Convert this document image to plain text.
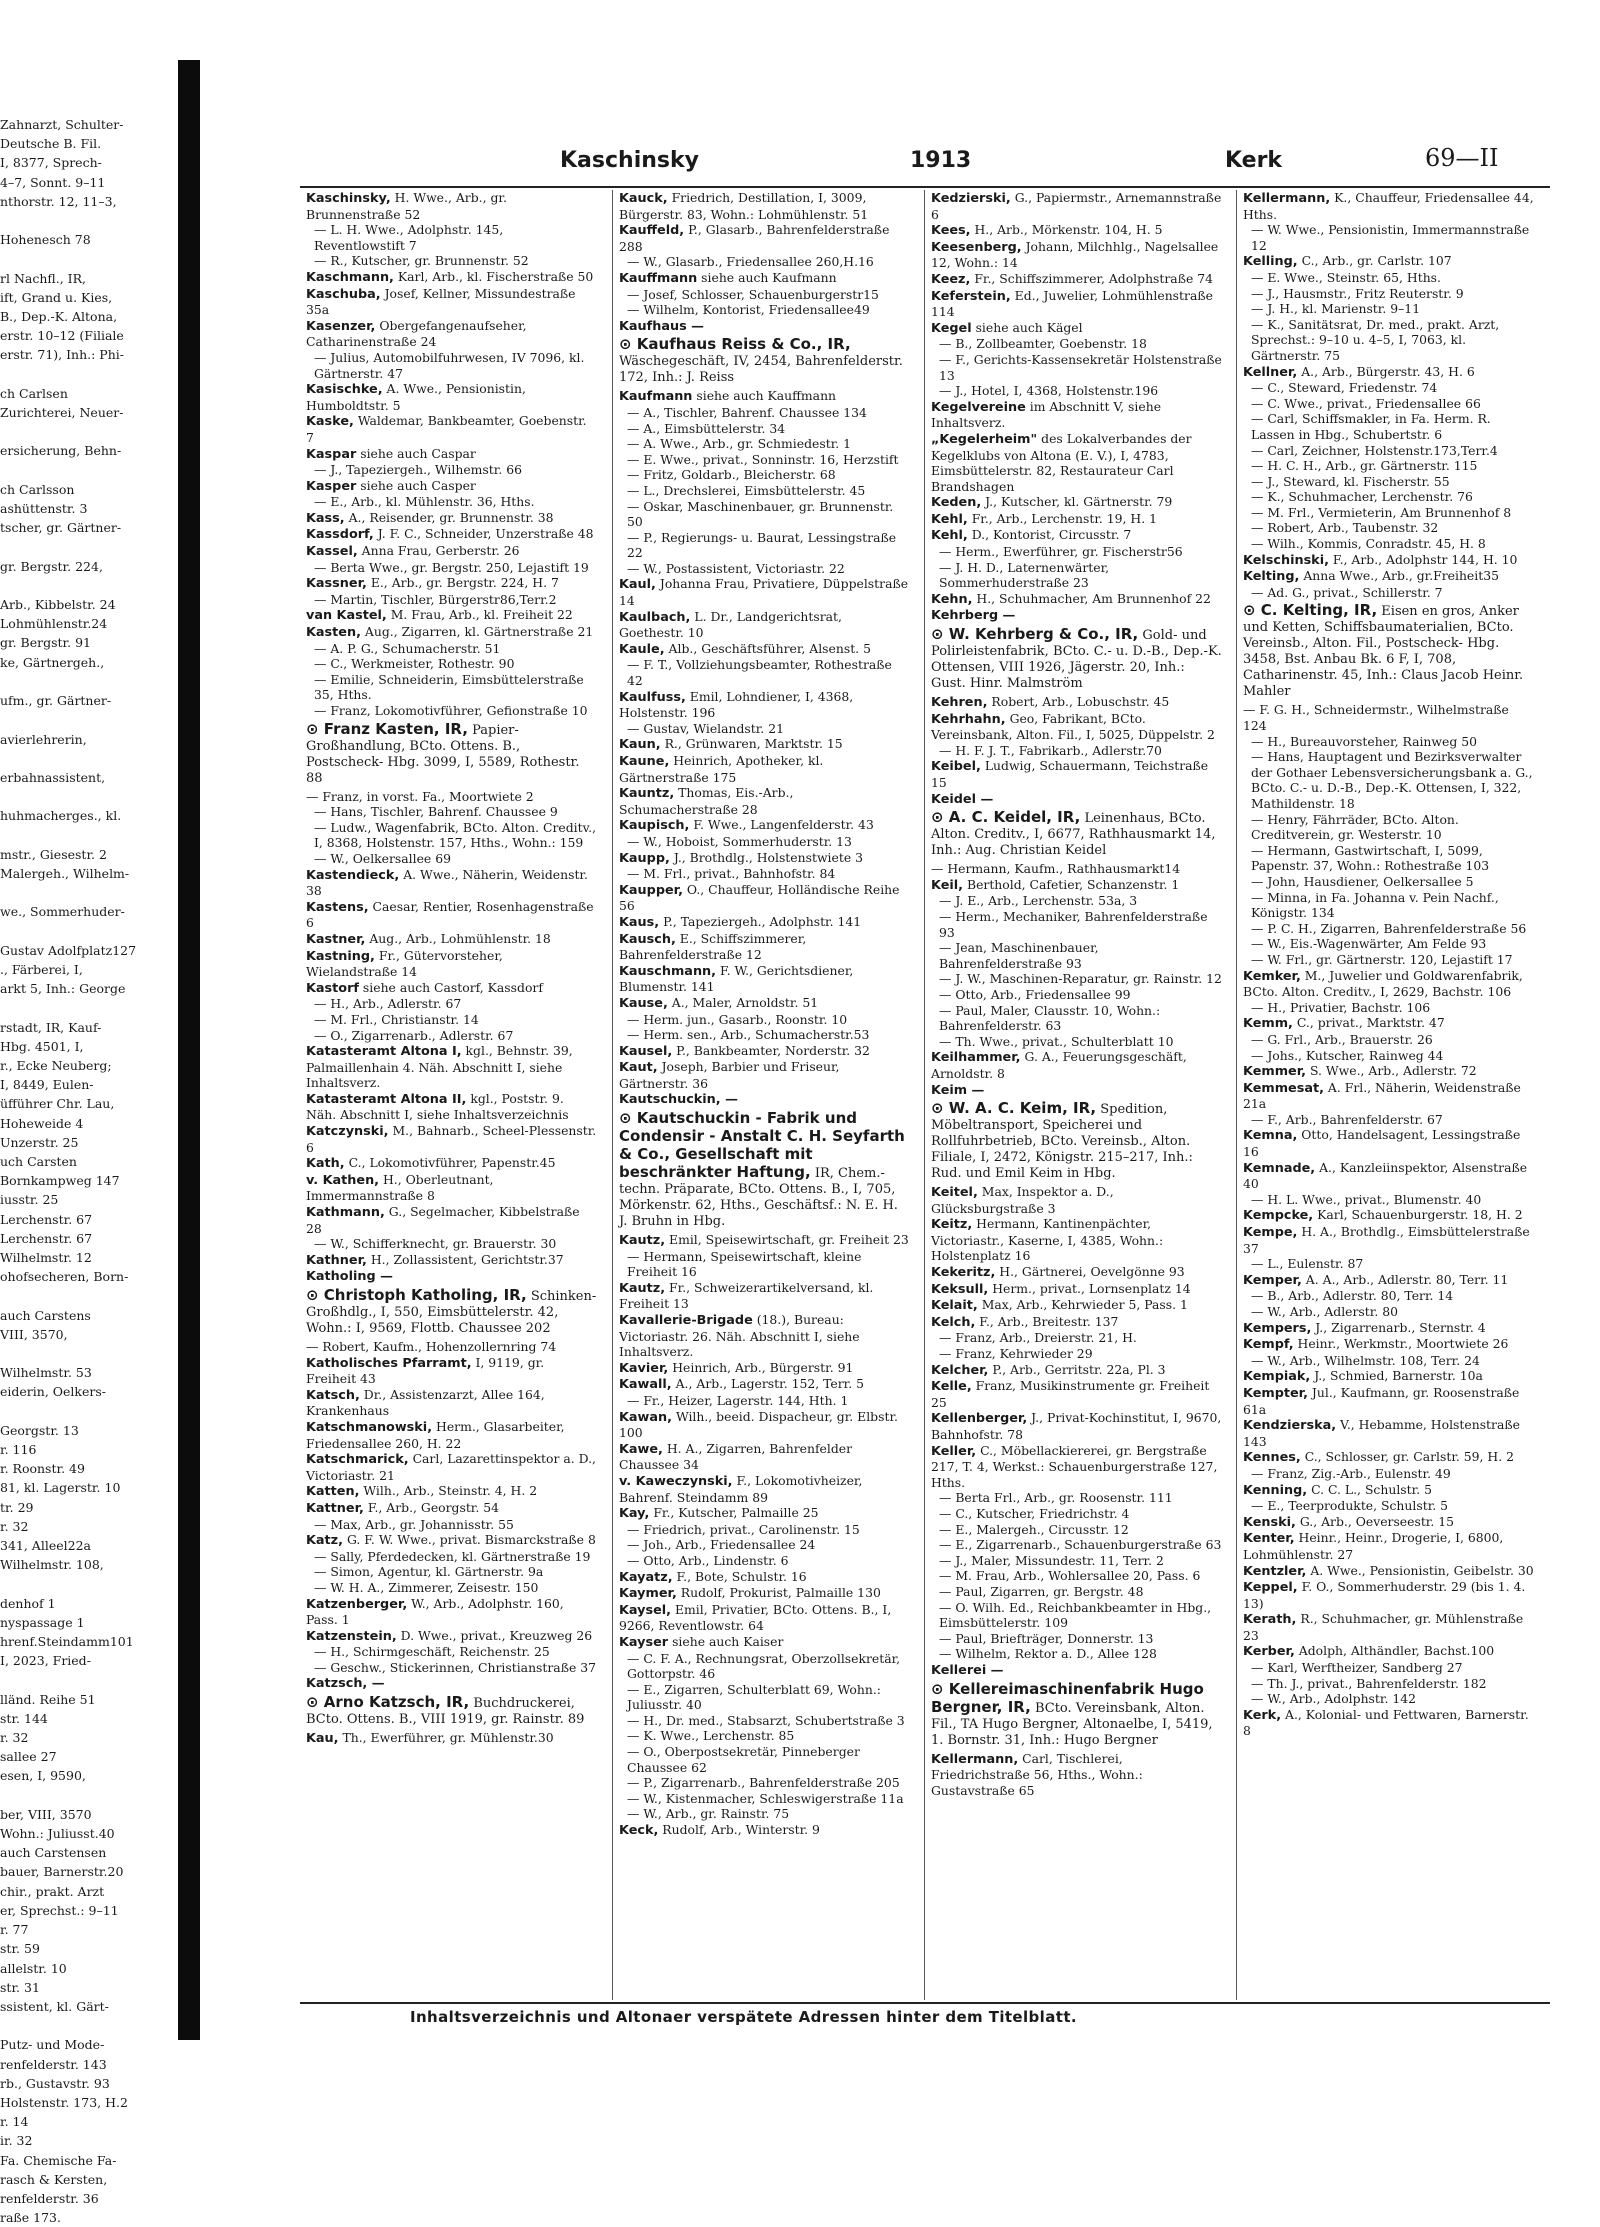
Zahnarzt, Schulter-
Deutsche B. Fil.
I, 8377, Sprech-
4–7, Sonnt. 9–11
nthorstr. 12, 11–3,

Hohenesch 78

rl Nachfl., IR,
ift, Grand u. Kies,
B., Dep.-K. Altona,
erstr. 10–12 (Filiale
erstr. 71), Inh.: Phi-

ch Carlsen
Zurichterei, Neuer-

ersicherung, Behn-

ch Carlsson
ashüttenstr. 3
tscher, gr. Gärtner-

gr. Bergstr. 224,

Arb., Kibbelstr. 24
Lohmühlenstr.24
gr. Bergstr. 91
ke, Gärtnergeh.,

ufm., gr. Gärtner-

avierlehrerin,

erbahnassistent,

huhmacherges., kl.

mstr., Giesestr. 2
Malergeh., Wilhelm-

we., Sommerhuder-

Gustav Adolfplatz127
., Färberei, I,
arkt 5, Inh.: George

rstadt, IR, Kauf-
Hbg. 4501, I,
r., Ecke Neuberg;
I, 8449, Eulen-
üfführer Chr. Lau,
Hoheweide 4
Unzerstr. 25
uch Carsten
Bornkampweg 147
iusstr. 25
Lerchenstr. 67
Lerchenstr. 67
Wilhelmstr. 12
ohofsecheren, Born-

auch Carstens
VIII, 3570,

Wilhelmstr. 53
eiderin, Oelkers-

Georgstr. 13
r. 116
r. Roonstr. 49
81, kl. Lagerstr. 10
tr. 29
r. 32
341, Alleel22a
Wilhelmstr. 108,

denhof 1
nyspassage 1
hrenf.Steindamm101
I, 2023, Fried-

lländ. Reihe 51
str. 144
r. 32
sallee 27
esen, I, 9590,

ber, VIII, 3570
Wohn.: Juliusst.40
auch Carstensen
bauer, Barnerstr.20
chir., prakt. Arzt
er, Sprechst.: 9–11
r. 77
str. 59
allelstr. 10
str. 31
ssistent, kl. Gärt-

Putz- und Mode-
renfelderstr. 143
rb., Gustavstr. 93
Holstenstr. 173, H.2
r. 14
ir. 32
Fa. Chemische Fa-
rasch & Kersten,
renfelderstr. 36
raße 173.
Kaschinsky	1913	Kerk	69—II
Kaschinsky, H. Wwe., Arb., gr. Brunnenstraße 52
— L. H. Wwe., Adolphstr. 145, Reventlowstift 7
— R., Kutscher, gr. Brunnenstr. 52
Kaschmann, Karl, Arb., kl. Fischerstraße 50
Kaschuba, Josef, Kellner, Missundestraße 35a
Kasenzer, Obergefangenaufseher, Catharinenstraße 24
— Julius, Automobilfuhrwesen, IV 7096, kl. Gärtnerstr. 47
Kasischke, A. Wwe., Pensionistin, Humboldtstr. 5
Kaske, Waldemar, Bankbeamter, Goebenstr. 7
Kaspar siehe auch Caspar
— J., Tapeziergeh., Wilhemstr. 66
Kasper siehe auch Casper
— E., Arb., kl. Mühlenstr. 36, Hths.
Kass, A., Reisender, gr. Brunnenstr. 38
Kassdorf, J. F. C., Schneider, Unzerstraße 48
Kassel, Anna Frau, Gerberstr. 26
— Berta Wwe., gr. Bergstr. 250, Lejastift 19
Kassner, E., Arb., gr. Bergstr. 224, H. 7
— Martin, Tischler, Bürgerstr86,Terr.2
van Kastel, M. Frau, Arb., kl. Freiheit 22
Kasten, Aug., Zigarren, kl. Gärtnerstraße 21
— A. P. G., Schumacherstr. 51
— C., Werkmeister, Rothestr. 90
— Emilie, Schneiderin, Eimsbüttelerstraße 35, Hths.
— Franz, Lokomotivführer, Gefionstraße 10
⊙ Franz Kasten, IR, Papier-Großhandlung, BCto. Ottens. B., Postscheck- Hbg. 3099, I, 5589, Rothestr. 88
— Franz, in vorst. Fa., Moortwiete 2
— Hans, Tischler, Bahrenf. Chaussee 9
— Ludw., Wagenfabrik, BCto. Alton. Creditv., I, 8368, Holstenstr. 157, Hths., Wohn.: 159
— W., Oelkersallee 69
Kastendieck, A. Wwe., Näherin, Weidenstr. 38
Kastens, Caesar, Rentier, Rosenhagenstraße 6
Kastner, Aug., Arb., Lohmühlenstr. 18
Kastning, Fr., Gütervorsteher, Wielandstraße 14
Kastorf siehe auch Castorf, Kassdorf
— H., Arb., Adlerstr. 67
— M. Frl., Christianstr. 14
— O., Zigarrenarb., Adlerstr. 67
Katasteramt Altona I, kgl., Behnstr. 39, Palmaillenhain 4. Näh. Abschnitt I, siehe Inhaltsverz.
Katasteramt Altona II, kgl., Poststr. 9. Näh. Abschnitt I, siehe Inhaltsverzeichnis
Katczynski, M., Bahnarb., Scheel-Plessenstr. 6
Kath, C., Lokomotivführer, Papenstr.45
v. Kathen, H., Oberleutnant, Immermannstraße 8
Kathmann, G., Segelmacher, Kibbelstraße 28
— W., Schifferknecht, gr. Brauerstr. 30
Kathner, H., Zollassistent, Gerichtstr.37
Katholing —
⊙ Christoph Katholing, IR, Schinken-Großhdlg., I, 550, Eimsbüttelerstr. 42, Wohn.: I, 9569, Flottb. Chaussee 202
— Robert, Kaufm., Hohenzollernring 74
Katholisches Pfarramt, I, 9119, gr. Freiheit 43
Katsch, Dr., Assistenzarzt, Allee 164, Krankenhaus
Katschmanowski, Herm., Glasarbeiter, Friedensallee 260, H. 22
Katschmarick, Carl, Lazarettinspektor a. D., Victoriastr. 21
Katten, Wilh., Arb., Steinstr. 4, H. 2
Kattner, F., Arb., Georgstr. 54
— Max, Arb., gr. Johannisstr. 55
Katz, G. F. W. Wwe., privat. Bismarckstraße 8
— Sally, Pferdedecken, kl. Gärtnerstraße 19
— Simon, Agentur, kl. Gärtnerstr. 9a
— W. H. A., Zimmerer, Zeisestr. 150
Katzenberger, W., Arb., Adolphstr. 160, Pass. 1
Katzenstein, D. Wwe., privat., Kreuzweg 26
— H., Schirmgeschäft, Reichenstr. 25
— Geschw., Stickerinnen, Christianstraße 37
Katzsch, —
⊙ Arno Katzsch, IR, Buchdruckerei, BCto. Ottens. B., VIII 1919, gr. Rainstr. 89
Kau, Th., Ewerführer, gr. Mühlenstr.30
Kauck, Friedrich, Destillation, I, 3009, Bürgerstr. 83, Wohn.: Lohmühlenstr. 51
Kauffeld, P., Glasarb., Bahrenfelderstraße 288
— W., Glasarb., Friedensallee 260,H.16
Kauffmann siehe auch Kaufmann
— Josef, Schlosser, Schauenburgerstr15
— Wilhelm, Kontorist, Friedensallee49
Kaufhaus —
⊙ Kaufhaus Reiss & Co., IR, Wäschegeschäft, IV, 2454, Bahrenfelderstr. 172, Inh.: J. Reiss
Kaufmann siehe auch Kauffmann
— A., Tischler, Bahrenf. Chaussee 134
— A., Eimsbüttelerstr. 34
— A. Wwe., Arb., gr. Schmiedestr. 1
— E. Wwe., privat., Sonninstr. 16, Herzstift
— Fritz, Goldarb., Bleicherstr. 68
— L., Drechslerei, Eimsbüttelerstr. 45
— Oskar, Maschinenbauer, gr. Brunnenstr. 50
— P., Regierungs- u. Baurat, Lessingstraße 22
— W., Postassistent, Victoriastr. 22
Kaul, Johanna Frau, Privatiere, Düppelstraße 14
Kaulbach, L. Dr., Landgerichtsrat, Goethestr. 10
Kaule, Alb., Geschäftsführer, Alsenst. 5
— F. T., Vollziehungsbeamter, Rothestraße 42
Kaulfuss, Emil, Lohndiener, I, 4368, Holstenstr. 196
— Gustav, Wielandstr. 21
Kaun, R., Grünwaren, Marktstr. 15
Kaune, Heinrich, Apotheker, kl. Gärtnerstraße 175
Kauntz, Thomas, Eis.-Arb., Schumacherstraße 28
Kaupisch, F. Wwe., Langenfelderstr. 43
— W., Hoboist, Sommerhuderstr. 13
Kaupp, J., Brothdlg., Holstenstwiete 3
— M. Frl., privat., Bahnhofstr. 84
Kaupper, O., Chauffeur, Holländische Reihe 56
Kaus, P., Tapeziergeh., Adolphstr. 141
Kausch, E., Schiffszimmerer, Bahrenfelderstraße 12
Kauschmann, F. W., Gerichtsdiener, Blumenstr. 141
Kause, A., Maler, Arnoldstr. 51
— Herm. jun., Gasarb., Roonstr. 10
— Herm. sen., Arb., Schumacherstr.53
Kausel, P., Bankbeamter, Norderstr. 32
Kaut, Joseph, Barbier und Friseur, Gärtnerstr. 36
Kautschuckin, —
⊙ Kautschuckin - Fabrik und Condensir - Anstalt C. H. Seyfarth & Co., Gesellschaft mit beschränkter Haftung, IR, Chem.-techn. Präparate, BCto. Ottens. B., I, 705, Mörkenstr. 62, Hths., Geschäftsf.: N. E. H. J. Bruhn in Hbg.
Kautz, Emil, Speisewirtschaft, gr. Freiheit 23
— Hermann, Speisewirtschaft, kleine Freiheit 16
Kautz, Fr., Schweizerartikelversand, kl. Freiheit 13
Kavallerie-Brigade (18.), Bureau: Victoriastr. 26. Näh. Abschnitt I, siehe Inhaltsverz.
Kavier, Heinrich, Arb., Bürgerstr. 91
Kawall, A., Arb., Lagerstr. 152, Terr. 5
— Fr., Heizer, Lagerstr. 144, Hth. 1
Kawan, Wilh., beeid. Dispacheur, gr. Elbstr. 100
Kawe, H. A., Zigarren, Bahrenfelder Chaussee 34
v. Kaweczynski, F., Lokomotivheizer, Bahrenf. Steindamm 89
Kay, Fr., Kutscher, Palmaille 25
— Friedrich, privat., Carolinenstr. 15
— Joh., Arb., Friedensallee 24
— Otto, Arb., Lindenstr. 6
Kayatz, F., Bote, Schulstr. 16
Kaymer, Rudolf, Prokurist, Palmaille 130
Kaysel, Emil, Privatier, BCto. Ottens. B., I, 9266, Reventlowstr. 64
Kayser siehe auch Kaiser
— C. F. A., Rechnungsrat, Oberzollsekretär, Gottorpstr. 46
— E., Zigarren, Schulterblatt 69, Wohn.: Juliusstr. 40
— H., Dr. med., Stabsarzt, Schubertstraße 3
— K. Wwe., Lerchenstr. 85
— O., Oberpostsekretär, Pinneberger Chaussee 62
— P., Zigarrenarb., Bahrenfelderstraße 205
— W., Kistenmacher, Schleswigerstraße 11a
— W., Arb., gr. Rainstr. 75
Keck, Rudolf, Arb., Winterstr. 9
Kedzierski, G., Papiermstr., Arnemannstraße 6
Kees, H., Arb., Mörkenstr. 104, H. 5
Keesenberg, Johann, Milchhlg., Nagelsallee 12, Wohn.: 14
Keez, Fr., Schiffszimmerer, Adolphstraße 74
Keferstein, Ed., Juwelier, Lohmühlenstraße 114
Kegel siehe auch Kägel
— B., Zollbeamter, Goebenstr. 18
— F., Gerichts-Kassensekretär Holstenstraße 13
— J., Hotel, I, 4368, Holstenstr.196
Kegelvereine im Abschnitt V, siehe Inhaltsverz.
„Kegelerheim" des Lokalverbandes der Kegelklubs von Altona (E. V.), I, 4783, Eimsbüttelerstr. 82, Restaurateur Carl Brandshagen
Keden, J., Kutscher, kl. Gärtnerstr. 79
Kehl, Fr., Arb., Lerchenstr. 19, H. 1
Kehl, D., Kontorist, Circusstr. 7
— Herm., Ewerführer, gr. Fischerstr56
— J. H. D., Laternenwärter, Sommerhuderstraße 23
Kehn, H., Schuhmacher, Am Brunnenhof 22
Kehrberg —
⊙ W. Kehrberg & Co., IR, Gold- und Polirleistenfabrik, BCto. C.- u. D.-B., Dep.-K. Ottensen, VIII 1926, Jägerstr. 20, Inh.: Gust. Hinr. Malmström
Kehren, Robert, Arb., Lobuschstr. 45
Kehrhahn, Geo, Fabrikant, BCto. Vereinsbank, Alton. Fil., I, 5025, Düppelstr. 2
— H. F. J. T., Fabrikarb., Adlerstr.70
Keibel, Ludwig, Schauermann, Teichstraße 15
Keidel —
⊙ A. C. Keidel, IR, Leinenhaus, BCto. Alton. Creditv., I, 6677, Rathhausmarkt 14, Inh.: Aug. Christian Keidel
— Hermann, Kaufm., Rathhausmarkt14
Keil, Berthold, Cafetier, Schanzenstr. 1
— J. E., Arb., Lerchenstr. 53a, 3
— Herm., Mechaniker, Bahrenfelderstraße 93
— Jean, Maschinenbauer, Bahrenfelderstraße 93
— J. W., Maschinen-Reparatur, gr. Rainstr. 12
— Otto, Arb., Friedensallee 99
— Paul, Maler, Clausstr. 10, Wohn.: Bahrenfelderstr. 63
— Th. Wwe., privat., Schulterblatt 10
Keilhammer, G. A., Feuerungsgeschäft, Arnoldstr. 8
Keim —
⊙ W. A. C. Keim, IR, Spedition, Möbeltransport, Speicherei und Rollfuhrbetrieb, BCto. Vereinsb., Alton. Filiale, I, 2472, Königstr. 215–217, Inh.: Rud. und Emil Keim in Hbg.
Keitel, Max, Inspektor a. D., Glücksburgstraße 3
Keitz, Hermann, Kantinenpächter, Victoriastr., Kaserne, I, 4385, Wohn.: Holstenplatz 16
Kekeritz, H., Gärtnerei, Oevelgönne 93
Keksull, Herm., privat., Lornsenplatz 14
Kelait, Max, Arb., Kehrwieder 5, Pass. 1
Kelch, F., Arb., Breitestr. 137
— Franz, Arb., Dreierstr. 21, H.
— Franz, Kehrwieder 29
Kelcher, P., Arb., Gerritstr. 22a, Pl. 3
Kelle, Franz, Musikinstrumente gr. Freiheit 25
Kellenberger, J., Privat-Kochinstitut, I, 9670, Bahnhofstr. 78
Keller, C., Möbellackiererei, gr. Bergstraße 217, T. 4, Werkst.: Schauenburgerstraße 127, Hths.
— Berta Frl., Arb., gr. Roosenstr. 111
— C., Kutscher, Friedrichstr. 4
— E., Malergeh., Circusstr. 12
— E., Zigarrenarb., Schauenburgerstraße 63
— J., Maler, Missundestr. 11, Terr. 2
— M. Frau, Arb., Wohlersallee 20, Pass. 6
— Paul, Zigarren, gr. Bergstr. 48
— O. Wilh. Ed., Reichbankbeamter in Hbg., Eimsbüttelerstr. 109
— Paul, Briefträger, Donnerstr. 13
— Wilhelm, Rektor a. D., Allee 128
Kellerei —
⊙ Kellereimaschinenfabrik Hugo Bergner, IR, BCto. Vereinsbank, Alton. Fil., TA Hugo Bergner, Altonaelbe, I, 5419, 1. Bornstr. 31, Inh.: Hugo Bergner
Kellermann, Carl, Tischlerei, Friedrichstraße 56, Hths., Wohn.: Gustavstraße 65
Kellermann, K., Chauffeur, Friedensallee 44, Hths.
— W. Wwe., Pensionistin, Immermannstraße 12
Kelling, C., Arb., gr. Carlstr. 107
— E. Wwe., Steinstr. 65, Hths.
— J., Hausmstr., Fritz Reuterstr. 9
— J. H., kl. Marienstr. 9–11
— K., Sanitätsrat, Dr. med., prakt. Arzt, Sprechst.: 9–10 u. 4–5, I, 7063, kl. Gärtnerstr. 75
Kellner, A., Arb., Bürgerstr. 43, H. 6
— C., Steward, Friedenstr. 74
— C. Wwe., privat., Friedensallee 66
— Carl, Schiffsmakler, in Fa. Herm. R. Lassen in Hbg., Schubertstr. 6
— Carl, Zeichner, Holstenstr.173,Terr.4
— H. C. H., Arb., gr. Gärtnerstr. 115
— J., Steward, kl. Fischerstr. 55
— K., Schuhmacher, Lerchenstr. 76
— M. Frl., Vermieterin, Am Brunnenhof 8
— Robert, Arb., Taubenstr. 32
— Wilh., Kommis, Conradstr. 45, H. 8
Kelschinski, F., Arb., Adolphstr 144, H. 10
Kelting, Anna Wwe., Arb., gr.Freiheit35
— Ad. G., privat., Schillerstr. 7
⊙ C. Kelting, IR, Eisen en gros, Anker und Ketten, Schiffsbaumaterialien, BCto. Vereinsb., Alton. Fil., Postscheck- Hbg. 3458, Bst. Anbau Bk. 6 F, I, 708, Catharinenstr. 45, Inh.: Claus Jacob Heinr. Mahler
— F. G. H., Schneidermstr., Wilhelmstraße 124
— H., Bureauvorsteher, Rainweg 50
— Hans, Hauptagent und Bezirksverwalter der Gothaer Lebensversicherungsbank a. G., BCto. C.- u. D.-B., Dep.-K. Ottensen, I, 322, Mathildenstr. 18
— Henry, Fährräder, BCto. Alton. Creditverein, gr. Westerstr. 10
— Hermann, Gastwirtschaft, I, 5099, Papenstr. 37, Wohn.: Rothestraße 103
— John, Hausdiener, Oelkersallee 5
— Minna, in Fa. Johanna v. Pein Nachf., Königstr. 134
— P. C. H., Zigarren, Bahrenfelderstraße 56
— W., Eis.-Wagenwärter, Am Felde 93
— W. Frl., gr. Gärtnerstr. 120, Lejastift 17
Kemker, M., Juwelier und Goldwarenfabrik, BCto. Alton. Creditv., I, 2629, Bachstr. 106
— H., Privatier, Bachstr. 106
Kemm, C., privat., Marktstr. 47
— G. Frl., Arb., Brauerstr. 26
— Johs., Kutscher, Rainweg 44
Kemmer, S. Wwe., Arb., Adlerstr. 72
Kemmesat, A. Frl., Näherin, Weidenstraße 21a
— F., Arb., Bahrenfelderstr. 67
Kemna, Otto, Handelsagent, Lessingstraße 16
Kemnade, A., Kanzleiinspektor, Alsenstraße 40
— H. L. Wwe., privat., Blumenstr. 40
Kempcke, Karl, Schauenburgerstr. 18, H. 2
Kempe, H. A., Brothdlg., Eimsbüttelerstraße 37
— L., Eulenstr. 87
Kemper, A. A., Arb., Adlerstr. 80, Terr. 11
— B., Arb., Adlerstr. 80, Terr. 14
— W., Arb., Adlerstr. 80
Kempers, J., Zigarrenarb., Sternstr. 4
Kempf, Heinr., Werkmstr., Moortwiete 26
— W., Arb., Wilhelmstr. 108, Terr. 24
Kempiak, J., Schmied, Barnerstr. 10a
Kempter, Jul., Kaufmann, gr. Roosenstraße 61a
Kendzierska, V., Hebamme, Holstenstraße 143
Kennes, C., Schlosser, gr. Carlstr. 59, H. 2
— Franz, Zig.-Arb., Eulenstr. 49
Kenning, C. C. L., Schulstr. 5
— E., Teerprodukte, Schulstr. 5
Kenski, G., Arb., Oeverseestr. 15
Kenter, Heinr., Heinr., Drogerie, I, 6800, Lohmühlenstr. 27
Kentzler, A. Wwe., Pensionistin, Geibelstr. 30
Keppel, F. O., Sommerhuderstr. 29 (bis 1. 4. 13)
Kerath, R., Schuhmacher, gr. Mühlenstraße 23
Kerber, Adolph, Althändler, Bachst.100
— Karl, Werftheizer, Sandberg 27
— Th. J., privat., Bahrenfelderstr. 182
— W., Arb., Adolphstr. 142
Kerk, A., Kolonial- und Fettwaren, Barnerstr. 8
Inhaltsverzeichnis und Altonaer verspätete Adressen hinter dem Titelblatt.
